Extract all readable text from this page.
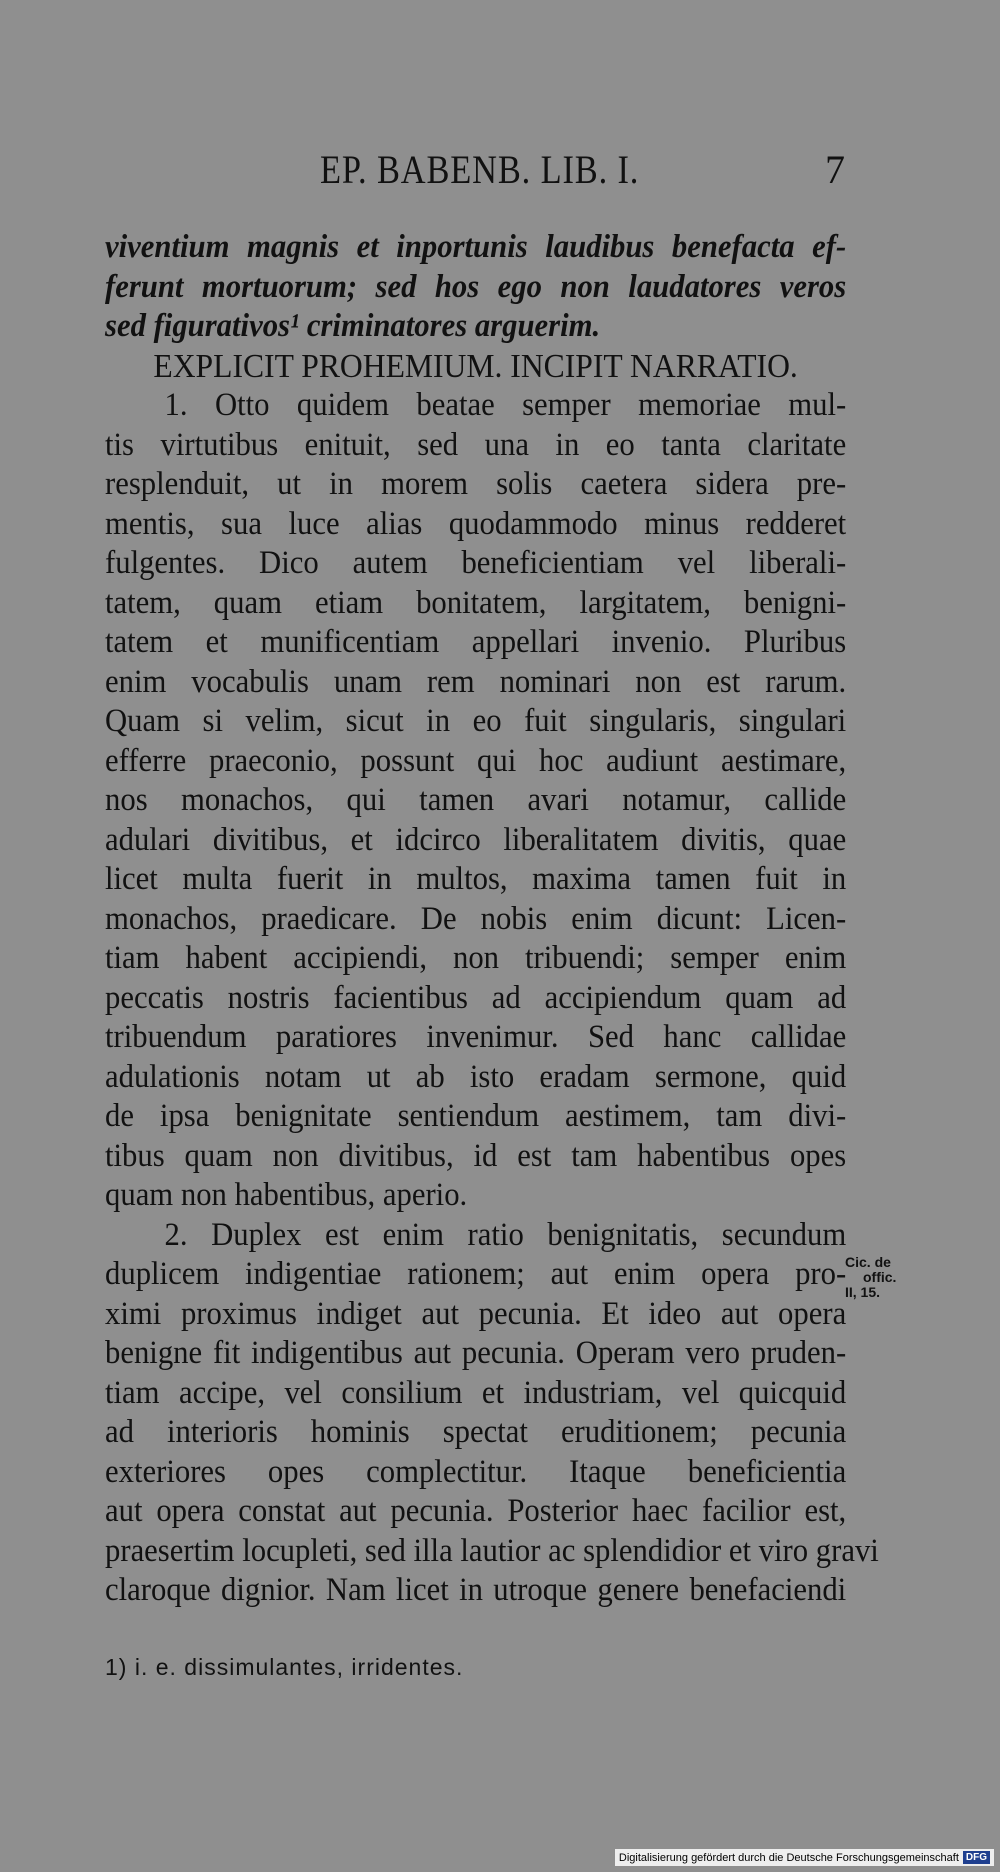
EP. BABENB. LIB. I.	7
viventium magnis et inportunis laudibus benefacta ef-
ferunt mortuorum; sed hos ego non laudatores veros
sed figurativos¹ criminatores arguerim.
EXPLICIT PROHEMIUM. INCIPIT NARRATIO.
1. Otto quidem beatae semper memoriae mul-
tis virtutibus enituit, sed una in eo tanta claritate
resplenduit, ut in morem solis caetera sidera pre-
mentis, sua luce alias quodammodo minus redderet
fulgentes. Dico autem beneficientiam vel liberali-
tatem, quam etiam bonitatem, largitatem, benigni-
tatem et munificentiam appellari invenio. Pluribus
enim vocabulis unam rem nominari non est rarum.
Quam si velim, sicut in eo fuit singularis, singulari
efferre praeconio, possunt qui hoc audiunt aestimare,
nos monachos, qui tamen avari notamur, callide
adulari divitibus, et idcirco liberalitatem divitis, quae
licet multa fuerit in multos, maxima tamen fuit in
monachos, praedicare. De nobis enim dicunt: Licen-
tiam habent accipiendi, non tribuendi; semper enim
peccatis nostris facientibus ad accipiendum quam ad
tribuendum paratiores invenimur. Sed hanc callidae
adulationis notam ut ab isto eradam sermone, quid
de ipsa benignitate sentiendum aestimem, tam divi-
tibus quam non divitibus, id est tam habentibus opes
quam non habentibus, aperio.
2. Duplex est enim ratio benignitatis, secundum
duplicem indigentiae rationem; aut enim opera pro-
ximi proximus indiget aut pecunia. Et ideo aut opera
benigne fit indigentibus aut pecunia. Operam vero pruden-
tiam accipe, vel consilium et industriam, vel quicquid
ad interioris hominis spectat eruditionem; pecunia
exteriores opes complectitur. Itaque beneficientia
aut opera constat aut pecunia. Posterior haec facilior est,
praesertim locupleti, sed illa lautior ac splendidior et viro gravi
claroque dignior. Nam licet in utroque genere benefaciendi
Cic. de
offic.
II, 15.
1) i. e. dissimulantes, irridentes.
Digitalisierung gefördert durch die Deutsche Forschungsgemeinschaft DFG
